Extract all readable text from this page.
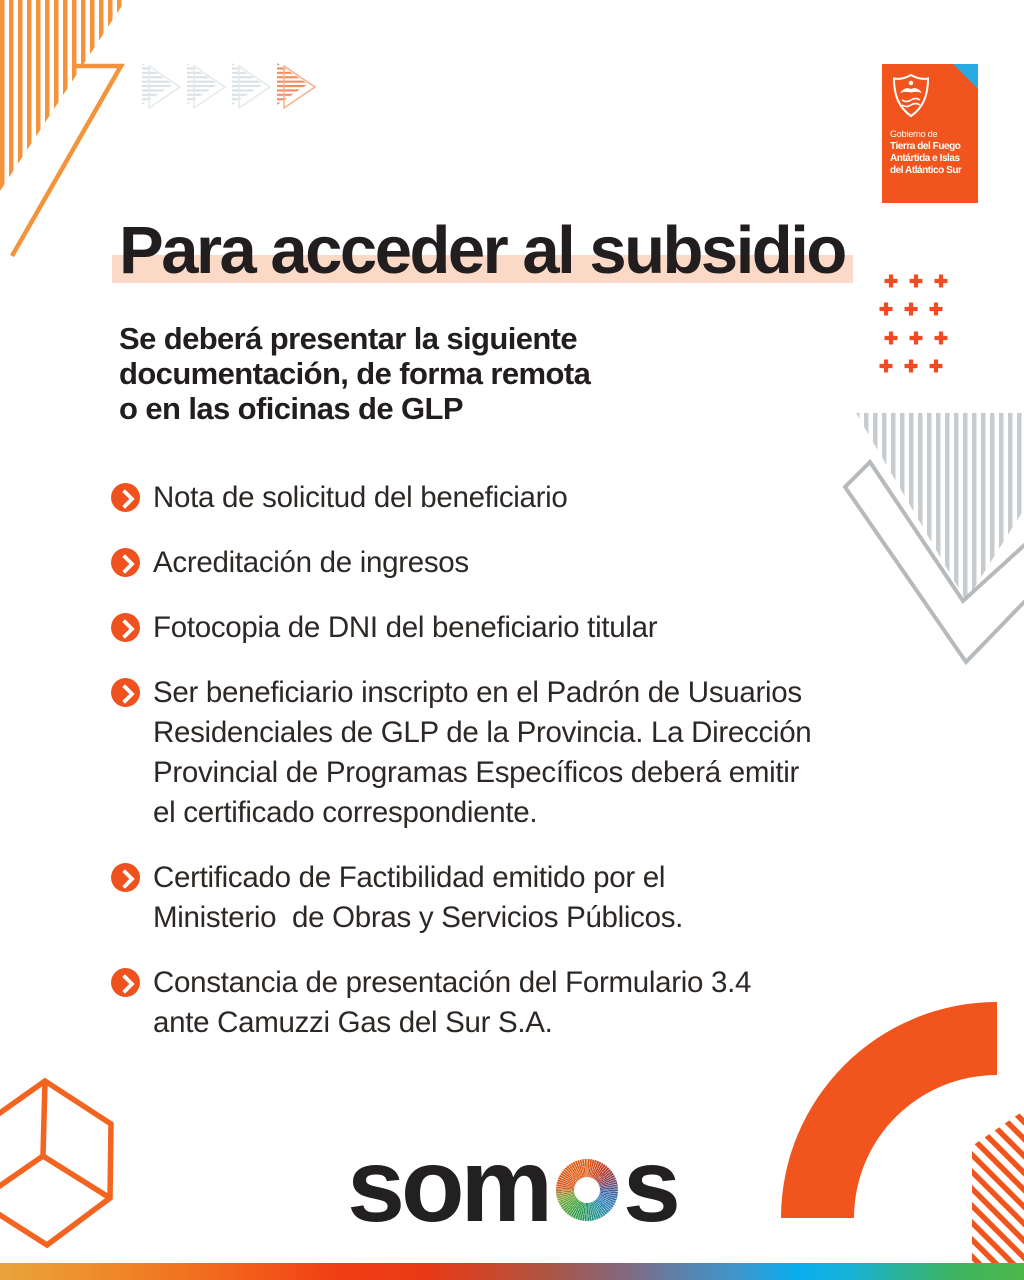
Gobierno de
Tierra del Fuego
Antártida e Islas
del Atlántico Sur
Para acceder al subsidio
Se deberá presentar la siguiente
documentación, de forma remota
o en las oficinas de GLP
Nota de solicitud del beneficiario
Acreditación de ingresos
Fotocopia de DNI del beneficiario titular
Ser beneficiario inscripto en el Padrón de Usuarios
Residenciales de GLP de la Provincia. La Dirección
Provincial de Programas Específicos deberá emitir
el certificado correspondiente.
Certificado de Factibilidad emitido por el
Ministerio  de Obras y Servicios Públicos.
Constancia de presentación del Formulario 3.4
ante Camuzzi Gas del Sur S.A.
som s
